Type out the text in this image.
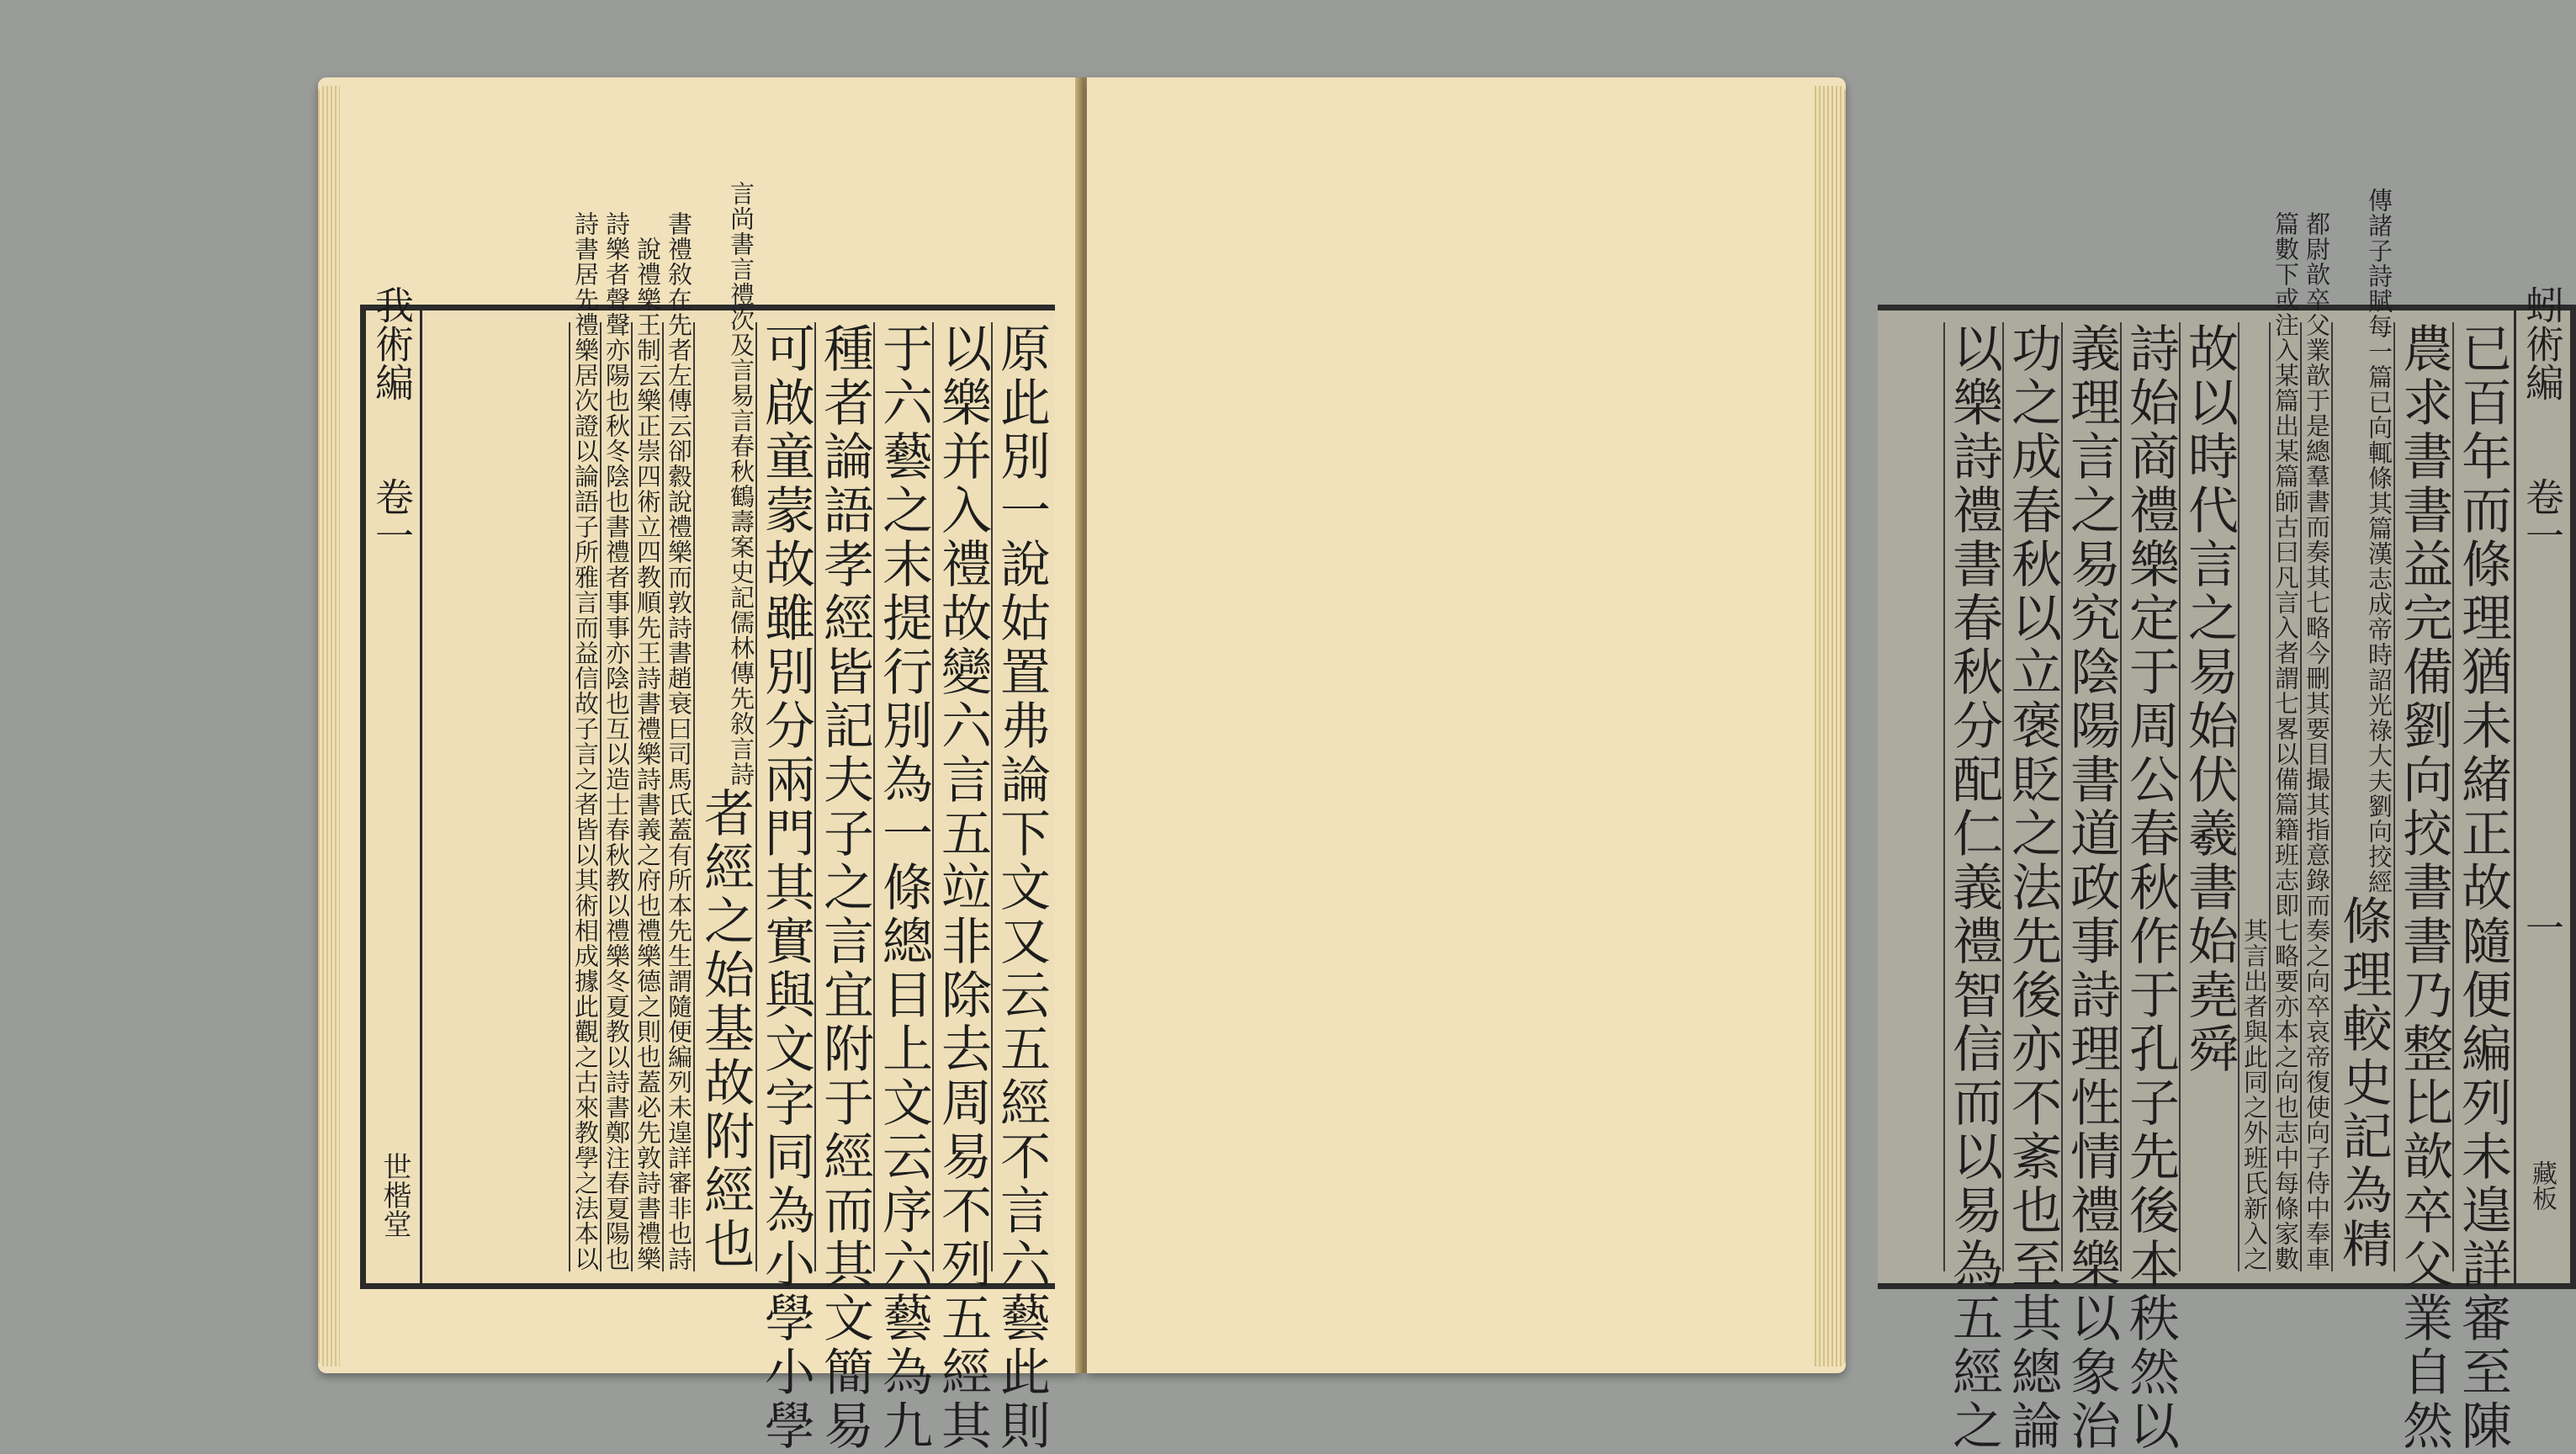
原此別一說姑置弗論下文又云五經不言六藝此則
以樂并入禮故變六言五竝非除去周易不列五經其
于六藝之末提行別為一條總目上文云序六藝為九
種者論語孝經皆記夫子之言宜附于經而其文簡易
可啟童蒙故雖別分兩門其實與文字同為小學小學
者經之始基故附經也
鶴壽案史記儒林傳先敘言詩
言尚書言禮次及言易言春秋
司馬氏蓋有所本先生謂隨便編列未遑詳審非也詩
書禮敘在先者左傳云卻縠說禮樂而敦詩書趙衰曰
詩書義之府也禮樂德之則也蓋必先敦詩書禮樂
說禮樂王制云樂正崇四術立四教順先王詩書禮樂
以造士春秋教以禮樂冬夏教以詩書鄭注春夏陽也
詩樂者聲聲亦陽也秋冬陰也書禮者事事亦陰也互
言之者皆以其術相成據此觀之古來教學之法本以
詩書居先禮樂居次證以論語子所雅言而益信故子
我術編
卷一
世楷堂	已百年而條理猶未緒正故隨便編列未遑詳審至陳
農求書書益完備劉向挍書書乃整比歆卒父業自然
條理較史記為精
漢志成帝時詔光祿大夫劉向挍經
傳諸子詩賦每一篇已向輒條其篇
目撮其指意錄而奏之向卒哀帝復使向子侍中奉車
都尉歆卒父業歆于是總羣書而奏其七略今刪其要
以備篇籍班志即七略要亦本之向也志中每條家數
篇數下或注入某篇出某篇師古曰凡言入者謂七畧
之外班氏新入之
其言出者與此同
故以時代言之易始伏羲書始堯舜
詩始商禮樂定于周公春秋作于孔子先後本秩然以
義理言之易究陰陽書道政事詩理性情禮樂以象治
功之成春秋以立褒貶之法先後亦不紊也至其總論
以樂詩禮書春秋分配仁義禮智信而以易為五經之	蚓術編
卷一
一
藏板
